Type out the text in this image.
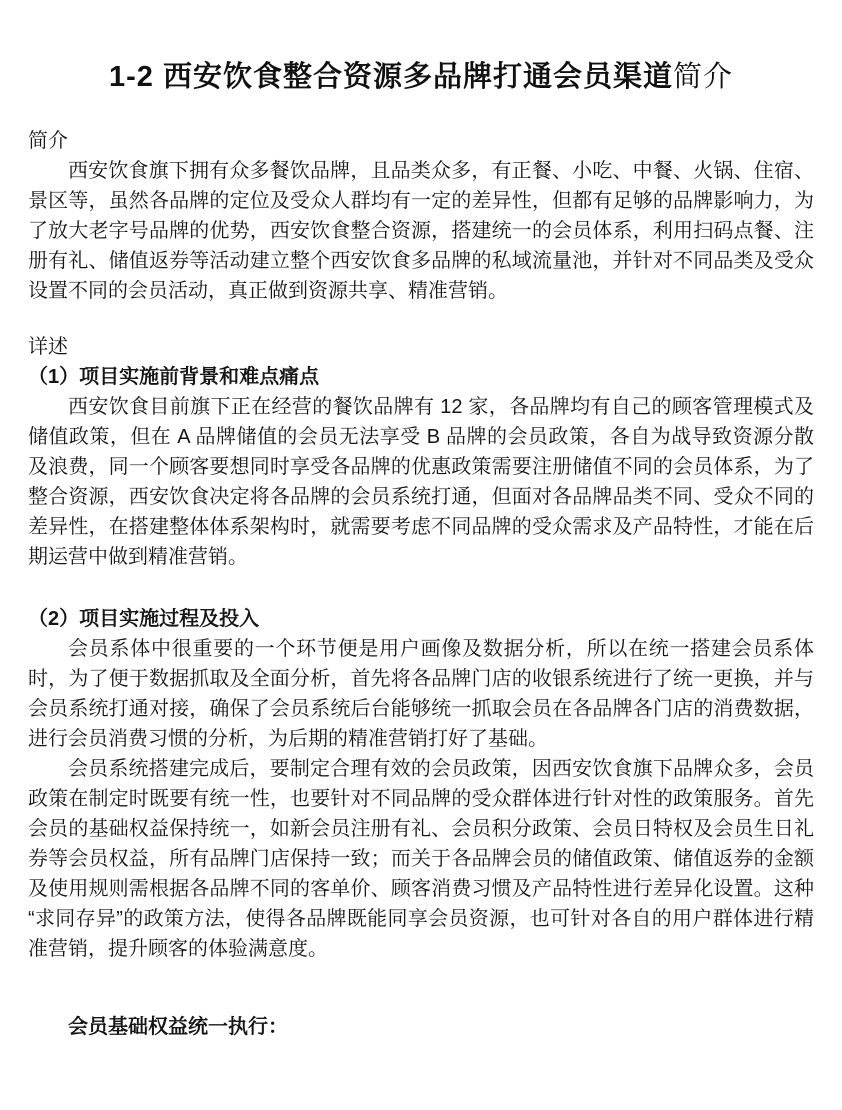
1-2 西安饮食整合资源多品牌打通会员渠道简介
简介
西安饮食旗下拥有众多餐饮品牌，且品类众多，有正餐、小吃、中餐、火锅、住宿、景区等，虽然各品牌的定位及受众人群均有一定的差异性，但都有足够的品牌影响力，为了放大老字号品牌的优势，西安饮食整合资源，搭建统一的会员体系，利用扫码点餐、注册有礼、储值返券等活动建立整个西安饮食多品牌的私域流量池，并针对不同品类及受众设置不同的会员活动，真正做到资源共享、精准营销。
详述
（1）项目实施前背景和难点痛点
西安饮食目前旗下正在经营的餐饮品牌有 12 家，各品牌均有自己的顾客管理模式及储值政策，但在 A 品牌储值的会员无法享受 B 品牌的会员政策，各自为战导致资源分散及浪费，同一个顾客要想同时享受各品牌的优惠政策需要注册储值不同的会员体系，为了整合资源，西安饮食决定将各品牌的会员系统打通，但面对各品牌品类不同、受众不同的差异性，在搭建整体体系架构时，就需要考虑不同品牌的受众需求及产品特性，才能在后期运营中做到精准营销。
（2）项目实施过程及投入
会员系体中很重要的一个环节便是用户画像及数据分析，所以在统一搭建会员系体时，为了便于数据抓取及全面分析，首先将各品牌门店的收银系统进行了统一更换，并与会员系统打通对接，确保了会员系统后台能够统一抓取会员在各品牌各门店的消费数据，进行会员消费习惯的分析，为后期的精准营销打好了基础。
会员系统搭建完成后，要制定合理有效的会员政策，因西安饮食旗下品牌众多，会员政策在制定时既要有统一性，也要针对不同品牌的受众群体进行针对性的政策服务。首先会员的基础权益保持统一，如新会员注册有礼、会员积分政策、会员日特权及会员生日礼券等会员权益，所有品牌门店保持一致；而关于各品牌会员的储值政策、储值返券的金额及使用规则需根据各品牌不同的客单价、顾客消费习惯及产品特性进行差异化设置。这种“求同存异”的政策方法，使得各品牌既能同享会员资源，也可针对各自的用户群体进行精准营销，提升顾客的体验满意度。
会员基础权益统一执行：
